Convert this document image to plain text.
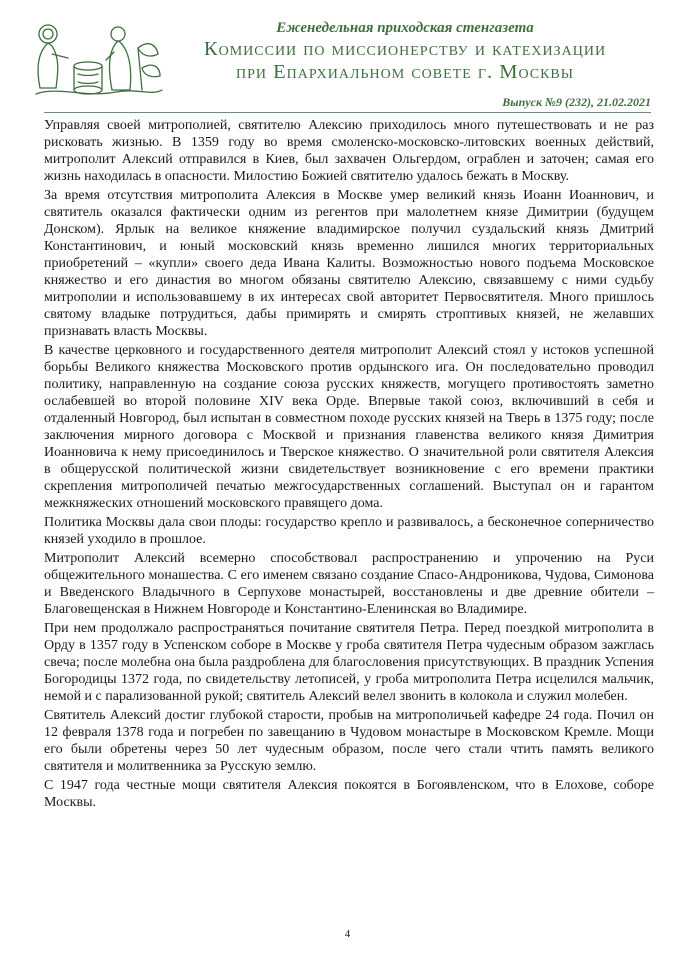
Еженедельная приходская стенгазета
Комиссии по миссионерству и катехизации
при Епархиальном совете г. Москвы
Выпуск №9 (232), 21.02.2021

Управляя своей митрополией, святителю Алексию приходилось много путешествовать и не раз рисковать жизнью. В 1359 году во время смоленско-московско-литовских военных действий, митрополит Алексий отправился в Киев, был захвачен Ольгердом, ограблен и заточен; самая его жизнь находилась в опасности. Милостию Божией святителю удалось бежать в Москву.

За время отсутствия митрополита Алексия в Москве умер великий князь Иоанн Иоаннович, и святитель оказался фактически одним из регентов при малолетнем князе Димитрии (будущем Донском). Ярлык на великое княжение владимирское получил суздальский князь Дмитрий Константинович, и юный московский князь временно лишился многих территориальных приобретений – «купли» своего деда Ивана Калиты. Возможностью нового подъема Московское княжество и его династия во многом обязаны святителю Алексию, связавшему с ними судьбу митрополии и использовавшему в их интересах свой авторитет Первосвятителя. Много пришлось святому владыке потрудиться, дабы примирять и смирять строптивых князей, не желавших признавать власть Москвы.

В качестве церковного и государственного деятеля митрополит Алексий стоял у истоков успешной борьбы Великого княжества Московского против ордынского ига. Он последовательно проводил политику, направленную на создание союза русских княжеств, могущего противостоять заметно ослабевшей во второй половине XIV века Орде. Впервые такой союз, включивший в себя и отдаленный Новгород, был испытан в совместном походе русских князей на Тверь в 1375 году; после заключения мирного договора с Москвой и признания главенства великого князя Димитрия Иоанновича к нему присоединилось и Тверское княжество. О значительной роли святителя Алексия в общерусской политической жизни свидетельствует возникновение с его времени практики скрепления митрополичей печатью межгосударственных соглашений. Выступал он и гарантом межкняжеских отношений московского правящего дома.

Политика Москвы дала свои плоды: государство крепло и развивалось, а бесконечное соперничество князей уходило в прошлое.

Митрополит Алексий всемерно способствовал распространению и упрочению на Руси общежительного монашества. С его именем связано создание Спасо-Андроникова, Чудова, Симонова и Введенского Владычного в Серпухове монастырей, восстановлены и две древние обители – Благовещенская в Нижнем Новгороде и Константино-Еленинская во Владимире.

При нем продолжало распространяться почитание святителя Петра. Перед поездкой митрополита в Орду в 1357 году в Успенском соборе в Москве у гроба святителя Петра чудесным образом зажглась свеча; после молебна она была раздроблена для благословения присутствующих. В праздник Успения Богородицы 1372 года, по свидетельству летописей, у гроба митрополита Петра исцелился мальчик, немой и с парализованной рукой; святитель Алексий велел звонить в колокола и служил молебен.

Святитель Алексий достиг глубокой старости, пробыв на митрополичьей кафедре 24 года. Почил он 12 февраля 1378 года и погребен по завещанию в Чудовом монастыре в Московском Кремле. Мощи его были обретены через 50 лет чудесным образом, после чего стали чтить память великого святителя и молитвенника за Русскую землю.

С 1947 года честные мощи святителя Алексия покоятся в Богоявленском, что в Елохове, соборе Москвы.

4
